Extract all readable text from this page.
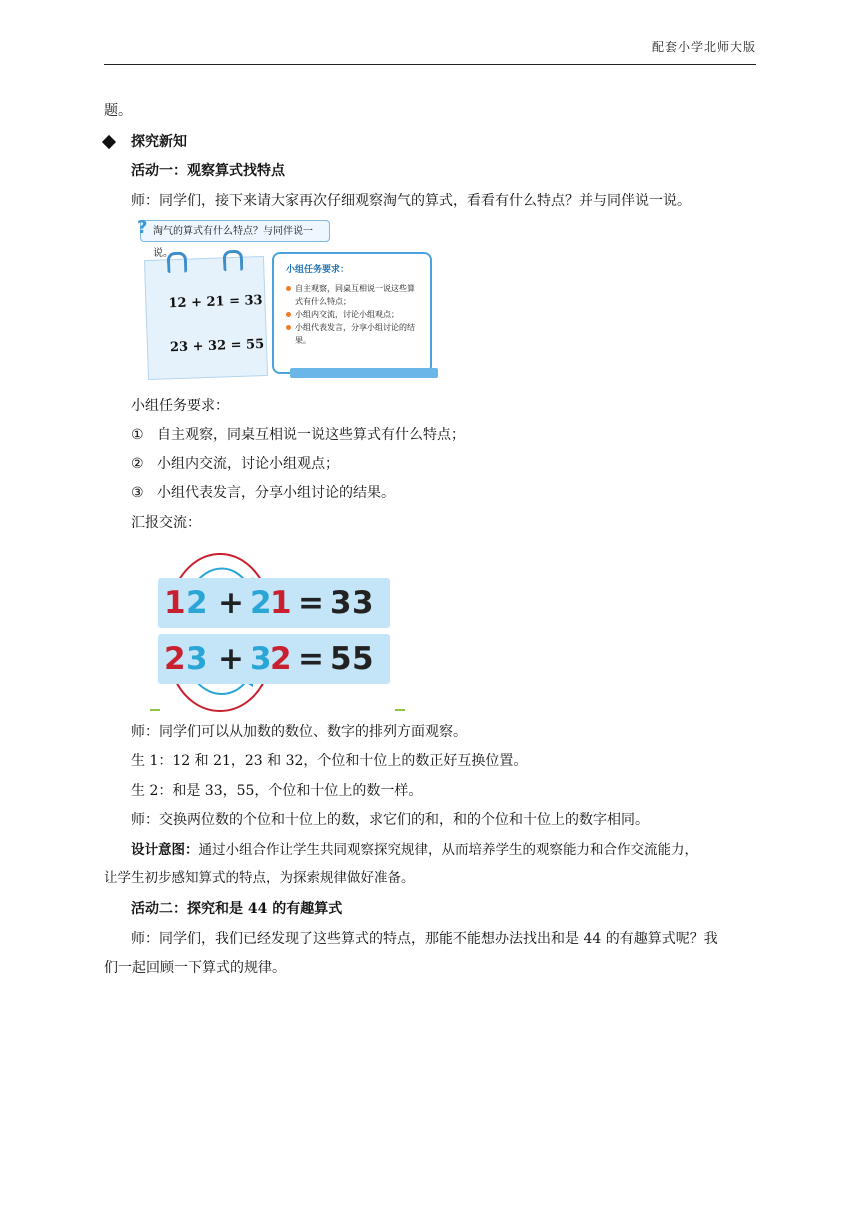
配套小学北师大版
题。
探究新知
活动一：观察算式找特点
师：同学们，接下来请大家再次仔细观察淘气的算式，看看有什么特点？并与同伴说一说。
? 淘气的算式有什么特点？与同伴说一说。
12 + 21 = 33
23 + 32 = 55
小组任务要求：
自主观察，同桌互相说一说这些算式有什么特点；
小组内交流，讨论小组观点；
小组代表发言，分享小组讨论的结果。
小组任务要求：
① 自主观察，同桌互相说一说这些算式有什么特点；
② 小组内交流，讨论小组观点；
③ 小组代表发言，分享小组讨论的结果。
汇报交流：
1 2 + 2
1 = 3 3
2 3 + 3
2 = 5 5
师：同学们可以从加数的数位、数字的排列方面观察。
生 1：12 和 21，23 和 32，个位和十位上的数正好互换位置。
生 2：和是 33，55，个位和十位上的数一样。
师：交换两位数的个位和十位上的数，求它们的和，和的个位和十位上的数字相同。
设计意图：通过小组合作让学生共同观察探究规律，从而培养学生的观察能力和合作交流能力，
让学生初步感知算式的特点，为探索规律做好准备。
活动二：探究和是 44 的有趣算式
师：同学们，我们已经发现了这些算式的特点，那能不能想办法找出和是 44 的有趣算式呢？我
们一起回顾一下算式的规律。
